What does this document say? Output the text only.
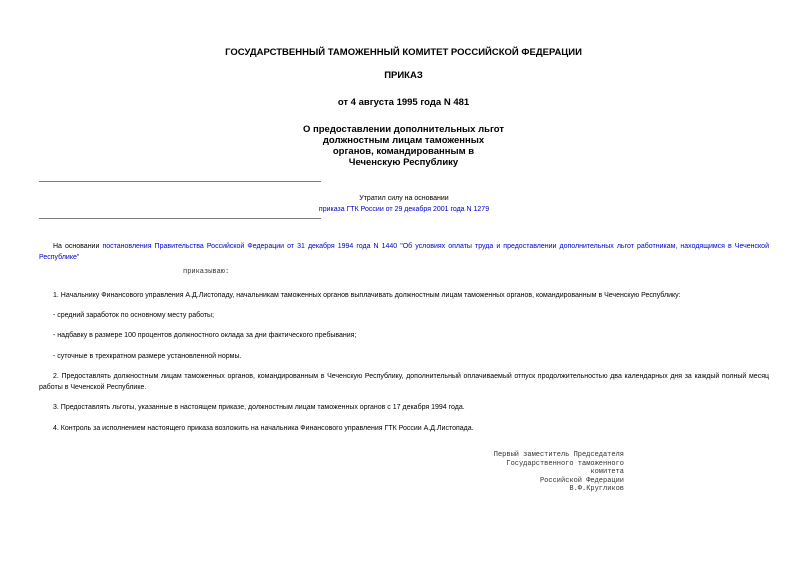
ГОСУДАРСТВЕННЫЙ ТАМОЖЕННЫЙ КОМИТЕТ РОССИЙСКОЙ ФЕДЕРАЦИИ
ПРИКАЗ
от 4 августа 1995 года N 481
О предоставлении дополнительных льгот
должностным лицам таможенных
органов, командированным в
Чеченскую Республику
Утратил силу на основании
приказа ГТК России от 29 декабря 2001 года N 1279
На основании постановления Правительства Российской Федерации от 31 декабря 1994 года N 1440 "Об условиях оплаты труда и предоставлении дополнительных льгот работникам, находящимся в Чеченской Республике"
приказываю:
1. Начальнику Финансового управления А.Д.Листопаду, начальникам таможенных органов выплачивать должностным лицам таможенных органов, командированным в Чеченскую Республику:
- средний заработок по основному месту работы;
- надбавку в размере 100 процентов должностного оклада за дни фактического пребывания;
- суточные в трехкратном размере установленной нормы.
2. Предоставлять должностным лицам таможенных органов, командированным в Чеченскую Республику, дополнительный оплачиваемый отпуск продолжительностью два календарных дня за каждый полный месяц работы в Чеченской Республике.
3. Предоставлять льготы, указанные в настоящем приказе, должностным лицам таможенных органов с 17 декабря 1994 года.
4. Контроль за исполнением настоящего приказа возложить на начальника Финансового управления ГТК России А.Д.Листопада.
Первый заместитель Председателя
Государственного таможенного
комитета
Российской Федерации
В.Ф.Кругликов
